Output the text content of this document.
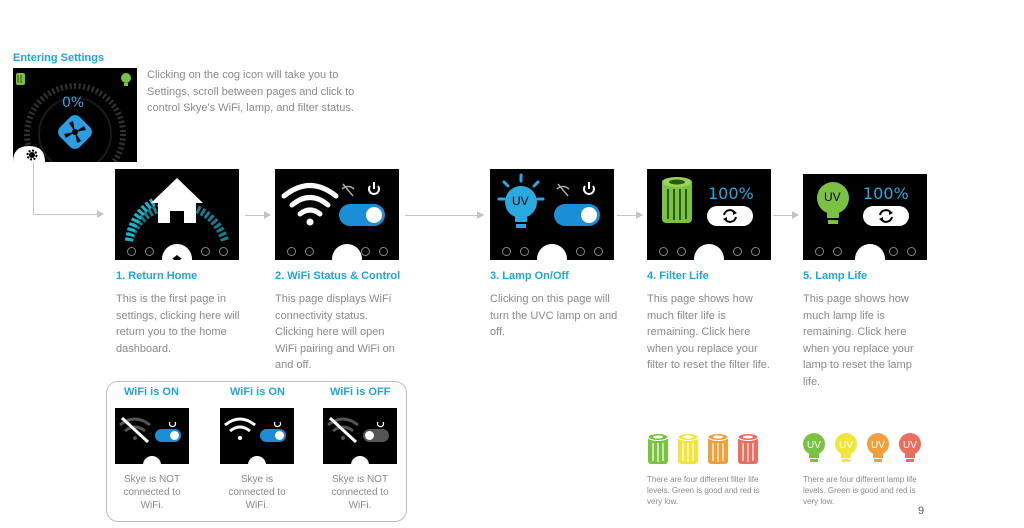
Entering Settings
0%
Clicking on the cog icon will take you to Settings, scroll between pages and click to control Skye's WiFi, lamp, and filter status.
1. Return Home
This is the first page in settings, clicking here will return you to the home dashboard.
2. WiFi Status & Control
This page displays WiFi connectivity status. Clicking here will open WiFi pairing and WiFi on and off.
UV
3. Lamp On/Off
Clicking on this page will turn the UVC lamp on and off.
100%
4. Filter Life
This page shows how much filter life is remaining. Click here when you replace your filter to reset the filter life.
UV 100%
5. Lamp Life
This page shows how much lamp life is remaining. Click here when you replace your lamp to reset the lamp life.
WiFi is ON
Skye is NOT connected to WiFi.
WiFi is ON
Skye is connected to WiFi.
WiFi is OFF
Skye is NOT connected to WiFi.
There are four different filter life levels. Green is good and red is very low.
UV UV UV UV
There are four different lamp life levels. Green is good and red is very low.
9
